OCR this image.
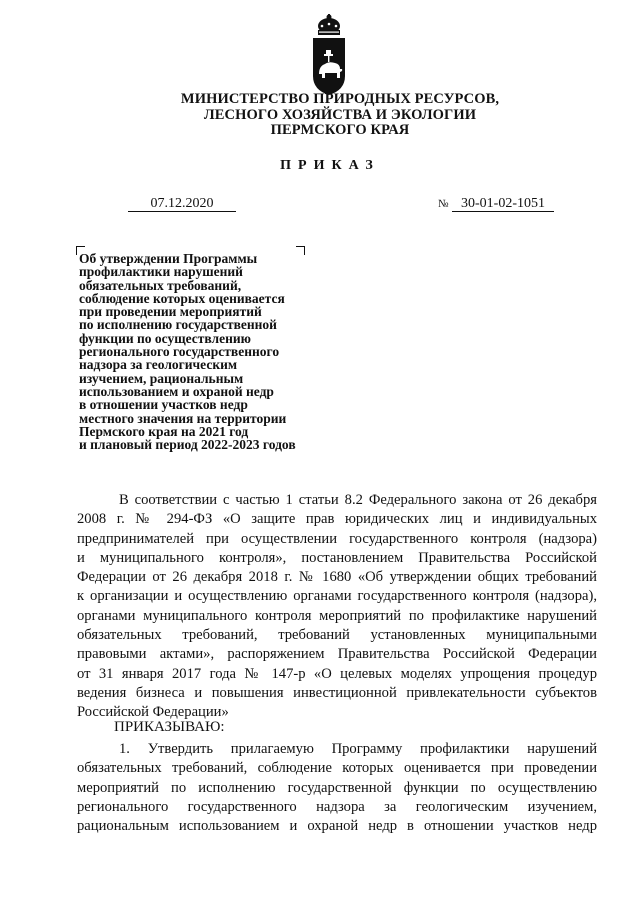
МИНИСТЕРСТВО ПРИРОДНЫХ РЕСУРСОВ,
ЛЕСНОГО ХОЗЯЙСТВА И ЭКОЛОГИИ
ПЕРМСКОГО КРАЯ
ПРИКАЗ
07.12.2020	№ 30-01-02-1051
Об утверждении Программы
профилактики нарушений
обязательных требований,
соблюдение которых оценивается
при проведении мероприятий
по исполнению государственной
функции по осуществлению
регионального государственного
надзора за геологическим
изучением, рациональным
использованием и охраной недр
в отношении участков недр
местного значения на территории
Пермского края на 2021 год
и плановый период 2022-2023 годов
В соответствии с частью 1 статьи 8.2 Федерального закона от 26 декабря
2008 г. № 294-ФЗ «О защите прав юридических лиц и индивидуальных
предпринимателей при осуществлении государственного контроля (надзора)
и муниципального контроля», постановлением Правительства Российской
Федерации от 26 декабря 2018 г. № 1680 «Об утверждении общих требований
к организации и осуществлению органами государственного контроля (надзора),
органами муниципального контроля мероприятий по профилактике нарушений
обязательных требований, требований установленных муниципальными
правовыми актами», распоряжением Правительства Российской Федерации
от 31 января 2017 года № 147-р «О целевых моделях упрощения процедур
ведения бизнеса и повышения инвестиционной привлекательности субъектов
Российской Федерации»
ПРИКАЗЫВАЮ:
1. Утвердить прилагаемую Программу профилактики нарушений
обязательных требований, соблюдение которых оценивается при проведении
мероприятий по исполнению государственной функции по осуществлению
регионального государственного надзора за геологическим изучением,
рациональным использованием и охраной недр в отношении участков недр
